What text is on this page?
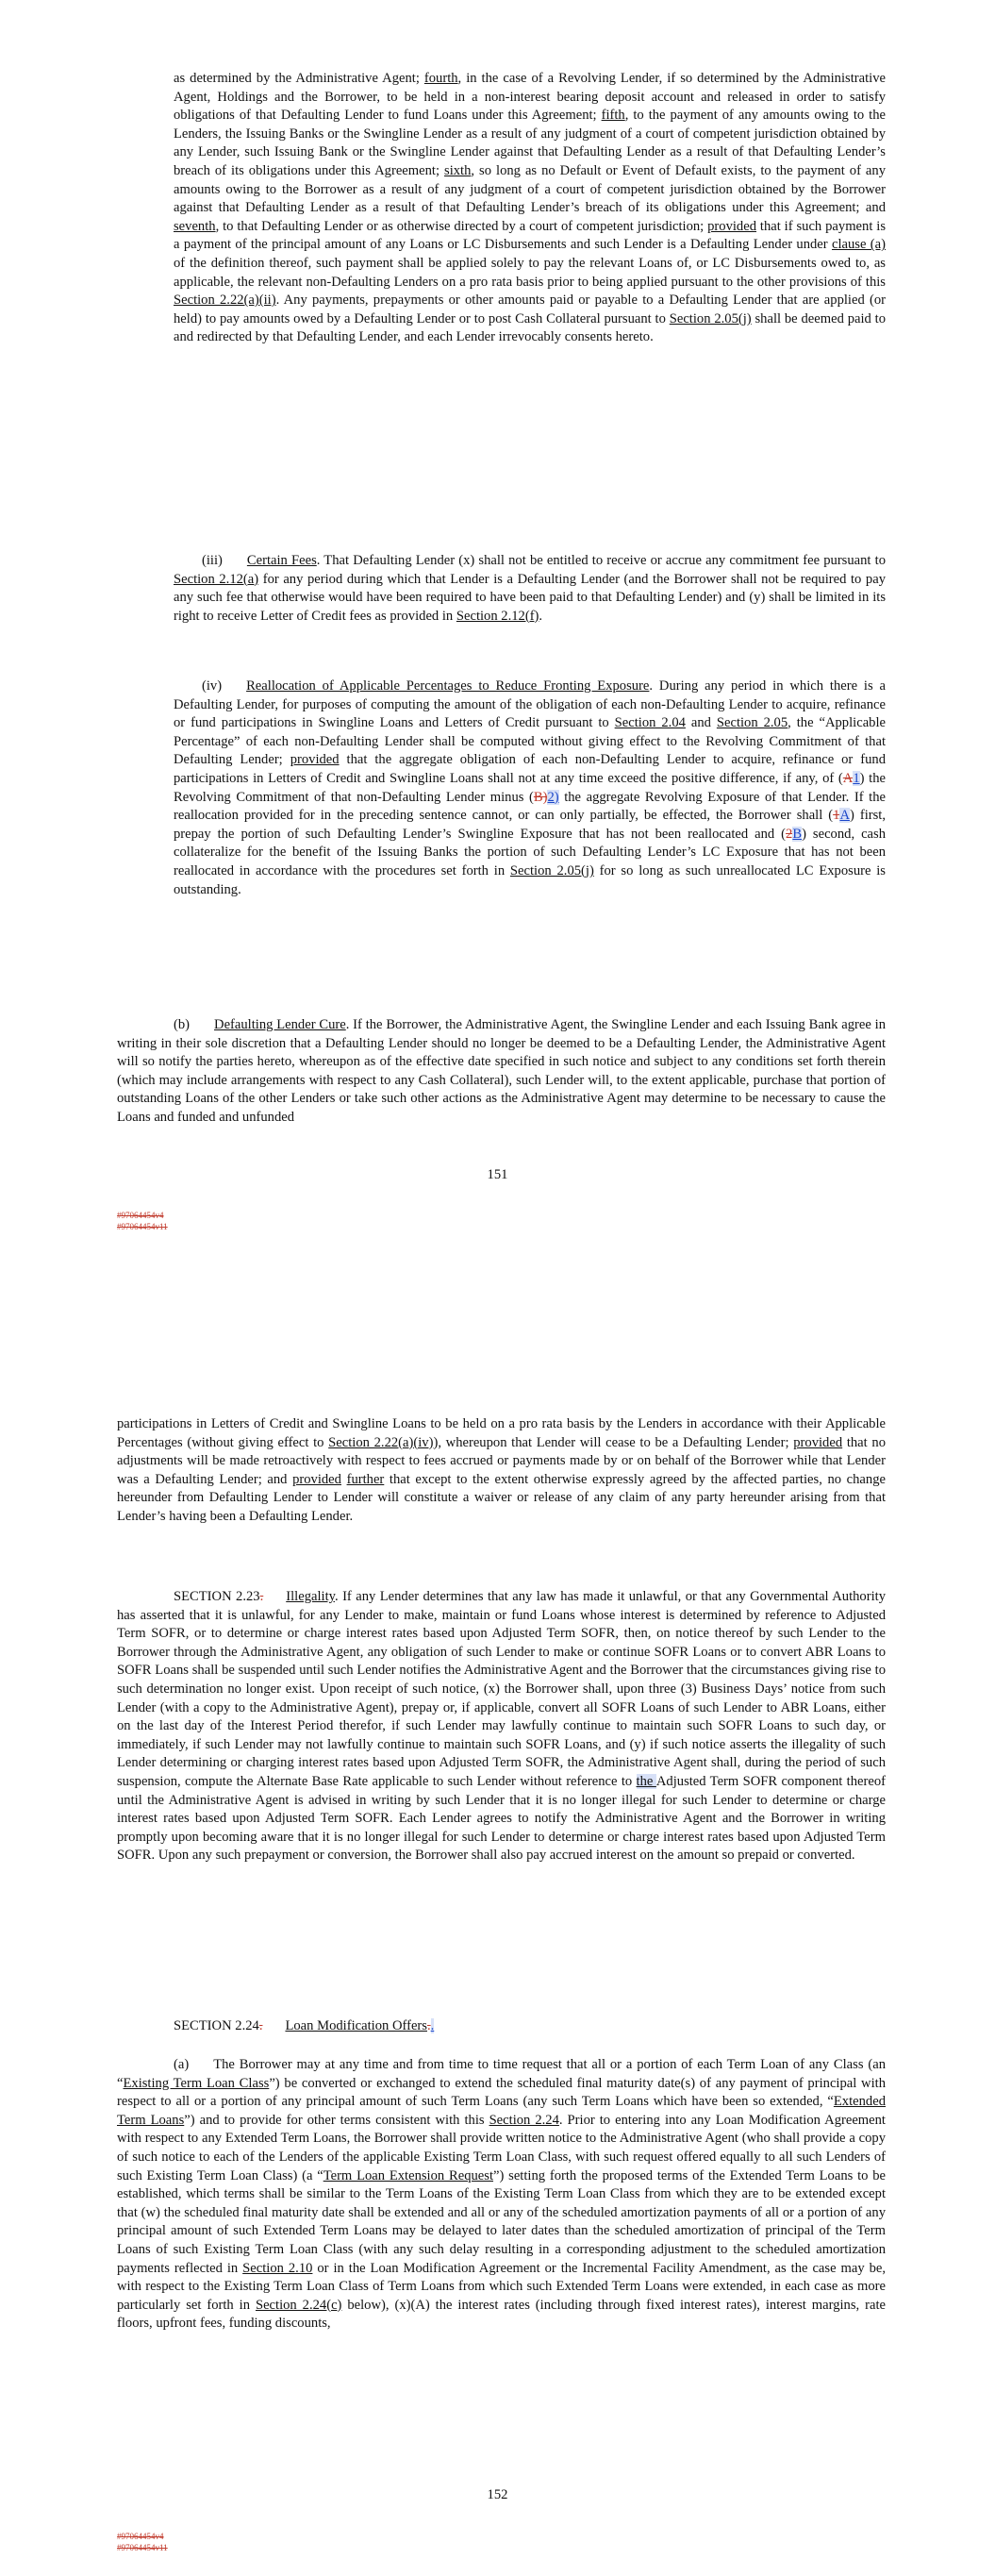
as determined by the Administrative Agent; fourth, in the case of a Revolving Lender, if so determined by the Administrative Agent, Holdings and the Borrower, to be held in a non-interest bearing deposit account and released in order to satisfy obligations of that Defaulting Lender to fund Loans under this Agreement; fifth, to the payment of any amounts owing to the Lenders, the Issuing Banks or the Swingline Lender as a result of any judgment of a court of competent jurisdiction obtained by any Lender, such Issuing Bank or the Swingline Lender against that Defaulting Lender as a result of that Defaulting Lender’s breach of its obligations under this Agreement; sixth, so long as no Default or Event of Default exists, to the payment of any amounts owing to the Borrower as a result of any judgment of a court of competent jurisdiction obtained by the Borrower against that Defaulting Lender as a result of that Defaulting Lender’s breach of its obligations under this Agreement; and seventh, to that Defaulting Lender or as otherwise directed by a court of competent jurisdiction; provided that if such payment is a payment of the principal amount of any Loans or LC Disbursements and such Lender is a Defaulting Lender under clause (a) of the definition thereof, such payment shall be applied solely to pay the relevant Loans of, or LC Disbursements owed to, as applicable, the relevant non-Defaulting Lenders on a pro rata basis prior to being applied pursuant to the other provisions of this Section 2.22(a)(ii). Any payments, prepayments or other amounts paid or payable to a Defaulting Lender that are applied (or held) to pay amounts owed by a Defaulting Lender or to post Cash Collateral pursuant to Section 2.05(j) shall be deemed paid to and redirected by that Defaulting Lender, and each Lender irrevocably consents hereto.

(iii) Certain Fees. That Defaulting Lender (x) shall not be entitled to receive or accrue any commitment fee pursuant to Section 2.12(a) for any period during which that Lender is a Defaulting Lender (and the Borrower shall not be required to pay any such fee that otherwise would have been required to have been paid to that Defaulting Lender) and (y) shall be limited in its right to receive Letter of Credit fees as provided in Section 2.12(f).

(iv) Reallocation of Applicable Percentages to Reduce Fronting Exposure. During any period in which there is a Defaulting Lender, for purposes of computing the amount of the obligation of each non-Defaulting Lender to acquire, refinance or fund participations in Swingline Loans and Letters of Credit pursuant to Section 2.04 and Section 2.05, the “Applicable Percentage” of each non-Defaulting Lender shall be computed without giving effect to the Revolving Commitment of that Defaulting Lender; provided that the aggregate obligation of each non-Defaulting Lender to acquire, refinance or fund participations in Letters of Credit and Swingline Loans shall not at any time exceed the positive difference, if any, of (A1) the Revolving Commitment of that non-Defaulting Lender minus (B)2) the aggregate Revolving Exposure of that Lender. If the reallocation provided for in the preceding sentence cannot, or can only partially, be effected, the Borrower shall (1A) first, prepay the portion of such Defaulting Lender’s Swingline Exposure that has not been reallocated and (2B) second, cash collateralize for the benefit of the Issuing Banks the portion of such Defaulting Lender’s LC Exposure that has not been reallocated in accordance with the procedures set forth in Section 2.05(j) for so long as such unreallocated LC Exposure is outstanding.

(b) Defaulting Lender Cure. If the Borrower, the Administrative Agent, the Swingline Lender and each Issuing Bank agree in writing in their sole discretion that a Defaulting Lender should no longer be deemed to be a Defaulting Lender, the Administrative Agent will so notify the parties hereto, whereupon as of the effective date specified in such notice and subject to any conditions set forth therein (which may include arrangements with respect to any Cash Collateral), such Lender will, to the extent applicable, purchase that portion of outstanding Loans of the other Lenders or take such other actions as the Administrative Agent may determine to be necessary to cause the Loans and funded and unfunded

151
#97064454v4
#97064454v11

participations in Letters of Credit and Swingline Loans to be held on a pro rata basis by the Lenders in accordance with their Applicable Percentages (without giving effect to Section 2.22(a)(iv)), whereupon that Lender will cease to be a Defaulting Lender; provided that no adjustments will be made retroactively with respect to fees accrued or payments made by or on behalf of the Borrower while that Lender was a Defaulting Lender; and provided further that except to the extent otherwise expressly agreed by the affected parties, no change hereunder from Defaulting Lender to Lender will constitute a waiver or release of any claim of any party hereunder arising from that Lender’s having been a Defaulting Lender.

SECTION 2.23. Illegality. If any Lender determines that any law has made it unlawful, or that any Governmental Authority has asserted that it is unlawful, for any Lender to make, maintain or fund Loans whose interest is determined by reference to Adjusted Term SOFR, or to determine or charge interest rates based upon Adjusted Term SOFR, then, on notice thereof by such Lender to the Borrower through the Administrative Agent, any obligation of such Lender to make or continue SOFR Loans or to convert ABR Loans to SOFR Loans shall be suspended until such Lender notifies the Administrative Agent and the Borrower that the circumstances giving rise to such determination no longer exist. Upon receipt of such notice, (x) the Borrower shall, upon three (3) Business Days’ notice from such Lender (with a copy to the Administrative Agent), prepay or, if applicable, convert all SOFR Loans of such Lender to ABR Loans, either on the last day of the Interest Period therefor, if such Lender may lawfully continue to maintain such SOFR Loans to such day, or immediately, if such Lender may not lawfully continue to maintain such SOFR Loans, and (y) if such notice asserts the illegality of such Lender determining or charging interest rates based upon Adjusted Term SOFR, the Administrative Agent shall, during the period of such suspension, compute the Alternate Base Rate applicable to such Lender without reference to the Adjusted Term SOFR component thereof until the Administrative Agent is advised in writing by such Lender that it is no longer illegal for such Lender to determine or charge interest rates based upon Adjusted Term SOFR. Each Lender agrees to notify the Administrative Agent and the Borrower in writing promptly upon becoming aware that it is no longer illegal for such Lender to determine or charge interest rates based upon Adjusted Term SOFR. Upon any such prepayment or conversion, the Borrower shall also pay accrued interest on the amount so prepaid or converted.

SECTION 2.24. Loan Modification Offers..

(a) The Borrower may at any time and from time to time request that all or a portion of each Term Loan of any Class (an “Existing Term Loan Class”) be converted or exchanged to extend the scheduled final maturity date(s) of any payment of principal with respect to all or a portion of any principal amount of such Term Loans (any such Term Loans which have been so extended, “Extended Term Loans”) and to provide for other terms consistent with this Section 2.24. Prior to entering into any Loan Modification Agreement with respect to any Extended Term Loans, the Borrower shall provide written notice to the Administrative Agent (who shall provide a copy of such notice to each of the Lenders of the applicable Existing Term Loan Class, with such request offered equally to all such Lenders of such Existing Term Loan Class) (a “Term Loan Extension Request”) setting forth the proposed terms of the Extended Term Loans to be established, which terms shall be similar to the Term Loans of the Existing Term Loan Class from which they are to be extended except that (w) the scheduled final maturity date shall be extended and all or any of the scheduled amortization payments of all or a portion of any principal amount of such Extended Term Loans may be delayed to later dates than the scheduled amortization of principal of the Term Loans of such Existing Term Loan Class (with any such delay resulting in a corresponding adjustment to the scheduled amortization payments reflected in Section 2.10 or in the Loan Modification Agreement or the Incremental Facility Amendment, as the case may be, with respect to the Existing Term Loan Class of Term Loans from which such Extended Term Loans were extended, in each case as more particularly set forth in Section 2.24(c) below), (x)(A) the interest rates (including through fixed interest rates), interest margins, rate floors, upfront fees, funding discounts,

152
#97064454v4
#97064454v11
